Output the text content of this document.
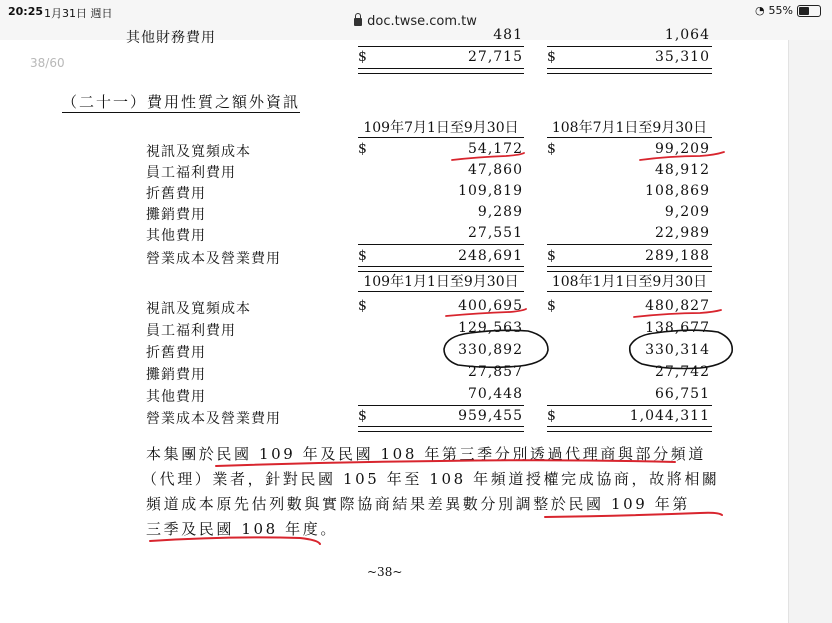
20:25 1月31日 週日
doc.twse.com.tw
◔ 55%
38/60
其他財務費用	481	1,064
$	27,715 $	35,310
（二十一）費用性質之額外資訊
109年7月1日至9月30日	108年7月1日至9月30日
視訊及寬頻成本	$	54,172 $	99,209
員工福利費用	47,860	48,912
折舊費用	109,819	108,869
攤銷費用	9,289	9,209
其他費用	27,551	22,989
營業成本及營業費用	$	248,691 $	289,188
109年1月1日至9月30日	108年1月1日至9月30日
視訊及寬頻成本	$	400,695 $	480,827
員工福利費用	129,563	138,677
折舊費用	330,892	330,314
攤銷費用	27,857	27,742
其他費用	70,448	66,751
營業成本及營業費用	$	959,455 $	1,044,311
本集團於民國 109 年及民國 108 年第三季分別透過代理商與部分頻道
（代理）業者，針對民國 105 年至 108 年頻道授權完成協商，故將相關
頻道成本原先估列數與實際協商結果差異數分別調整於民國 109 年第
三季及民國 108 年度。
~38~
